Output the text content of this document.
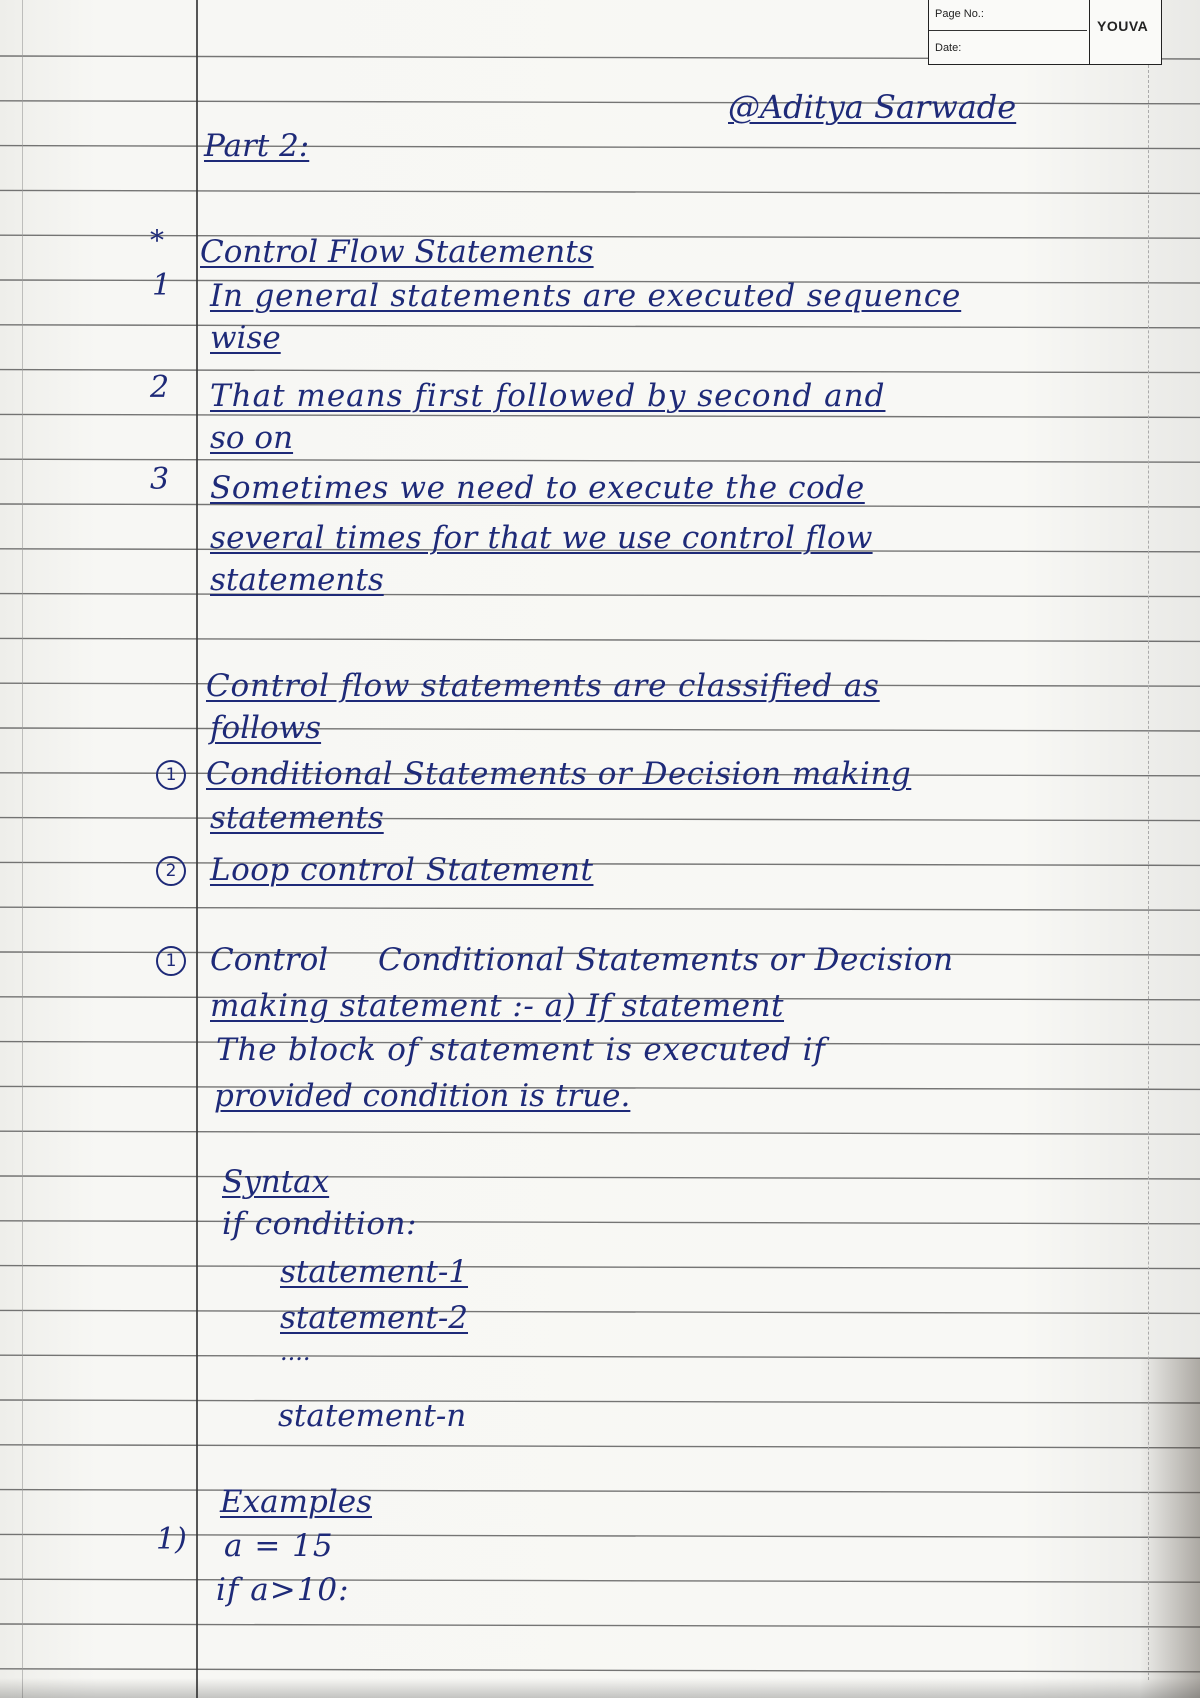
Page No.:
Date:
YOUVA
@Aditya Sarwade
Part 2:
* Control Flow Statements
1 In general statements are executed sequence
wise
2 That means first followed by second and
so on
3 Sometimes we need to execute the code
several times for that we use control flow
statements
Control flow statements are classified as
follows
1 Conditional Statements or Decision making
statements
2	Loop control Statement
1	Control Conditional Statements or Decision
making statement :- a) If statement
The block of statement is executed if
provided condition is true.
Syntax
if condition:
statement-1
statement-2
....
statement-n
Examples
1) a = 15
if a>10:
